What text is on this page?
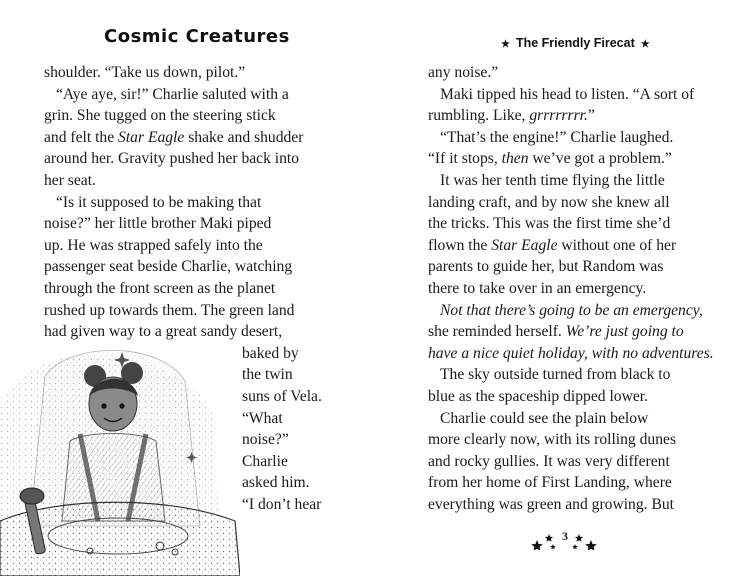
Cosmic Creatures
shoulder. “Take us down, pilot.”
“Aye aye, sir!” Charlie saluted with a
grin. She tugged on the steering stick
and felt the Star Eagle shake and shudder
around her. Gravity pushed her back into
her seat.
“Is it supposed to be making that
noise?” her little brother Maki piped
up. He was strapped safely into the
passenger seat beside Charlie, watching
through the front screen as the planet
rushed up towards them. The green land
had given way to a great sandy desert,
baked by
the twin
suns of Vela.
“What
noise?”
Charlie
asked him.
“I don’t hear
★ The Friendly Firecat ★
any noise.”
Maki tipped his head to listen. “A sort of
rumbling. Like, grrrrrrrr.”
“That’s the engine!” Charlie laughed.
“If it stops, then we’ve got a problem.”
It was her tenth time flying the little
landing craft, and by now she knew all
the tricks. This was the first time she’d
flown the Star Eagle without one of her
parents to guide her, but Random was
there to take over in an emergency.
Not that there’s going to be an emergency,
she reminded herself. We’re just going to
have a nice quiet holiday, with no adventures.
The sky outside turned from black to
blue as the spaceship dipped lower.
Charlie could see the plain below
more clearly now, with its rolling dunes
and rocky gullies. It was very different
from her home of First Landing, where
everything was green and growing. But
3
